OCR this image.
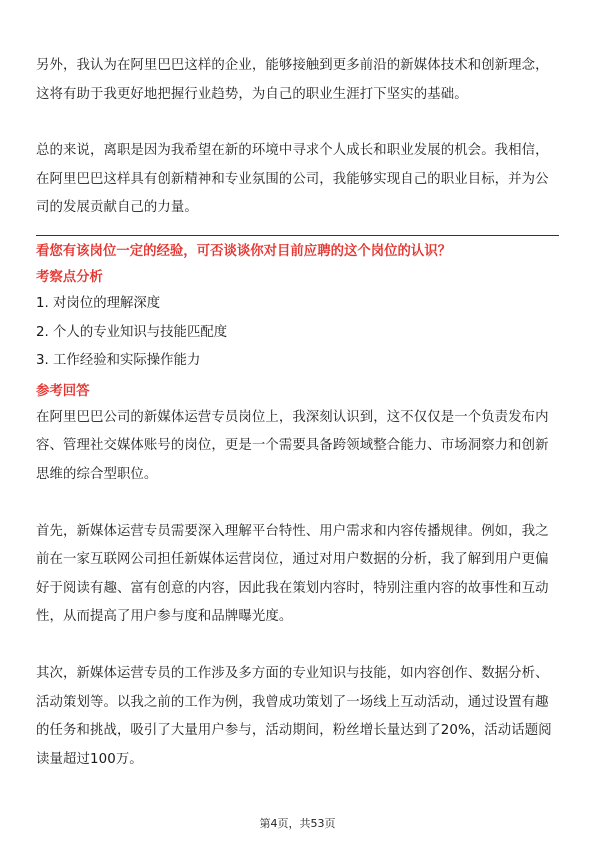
另外，我认为在阿里巴巴这样的企业，能够接触到更多前沿的新媒体技术和创新理念，这将有助于我更好地把握行业趋势，为自己的职业生涯打下坚实的基础。

总的来说，离职是因为我希望在新的环境中寻求个人成长和职业发展的机会。我相信，在阿里巴巴这样具有创新精神和专业氛围的公司，我能够实现自己的职业目标，并为公司的发展贡献自己的力量。

看您有该岗位一定的经验，可否谈谈你对目前应聘的这个岗位的认识？

考察点分析

1. 对岗位的理解深度

2. 个人的专业知识与技能匹配度

3. 工作经验和实际操作能力

参考回答

在阿里巴巴公司的新媒体运营专员岗位上，我深刻认识到，这不仅仅是一个负责发布内容、管理社交媒体账号的岗位，更是一个需要具备跨领域整合能力、市场洞察力和创新思维的综合型职位。

首先，新媒体运营专员需要深入理解平台特性、用户需求和内容传播规律。例如，我之前在一家互联网公司担任新媒体运营岗位，通过对用户数据的分析，我了解到用户更偏好于阅读有趣、富有创意的内容，因此我在策划内容时，特别注重内容的故事性和互动性，从而提高了用户参与度和品牌曝光度。

其次，新媒体运营专员的工作涉及多方面的专业知识与技能，如内容创作、数据分析、活动策划等。以我之前的工作为例，我曾成功策划了一场线上互动活动，通过设置有趣的任务和挑战，吸引了大量用户参与，活动期间，粉丝增长量达到了20%，活动话题阅读量超过100万。

第4页，共53页
